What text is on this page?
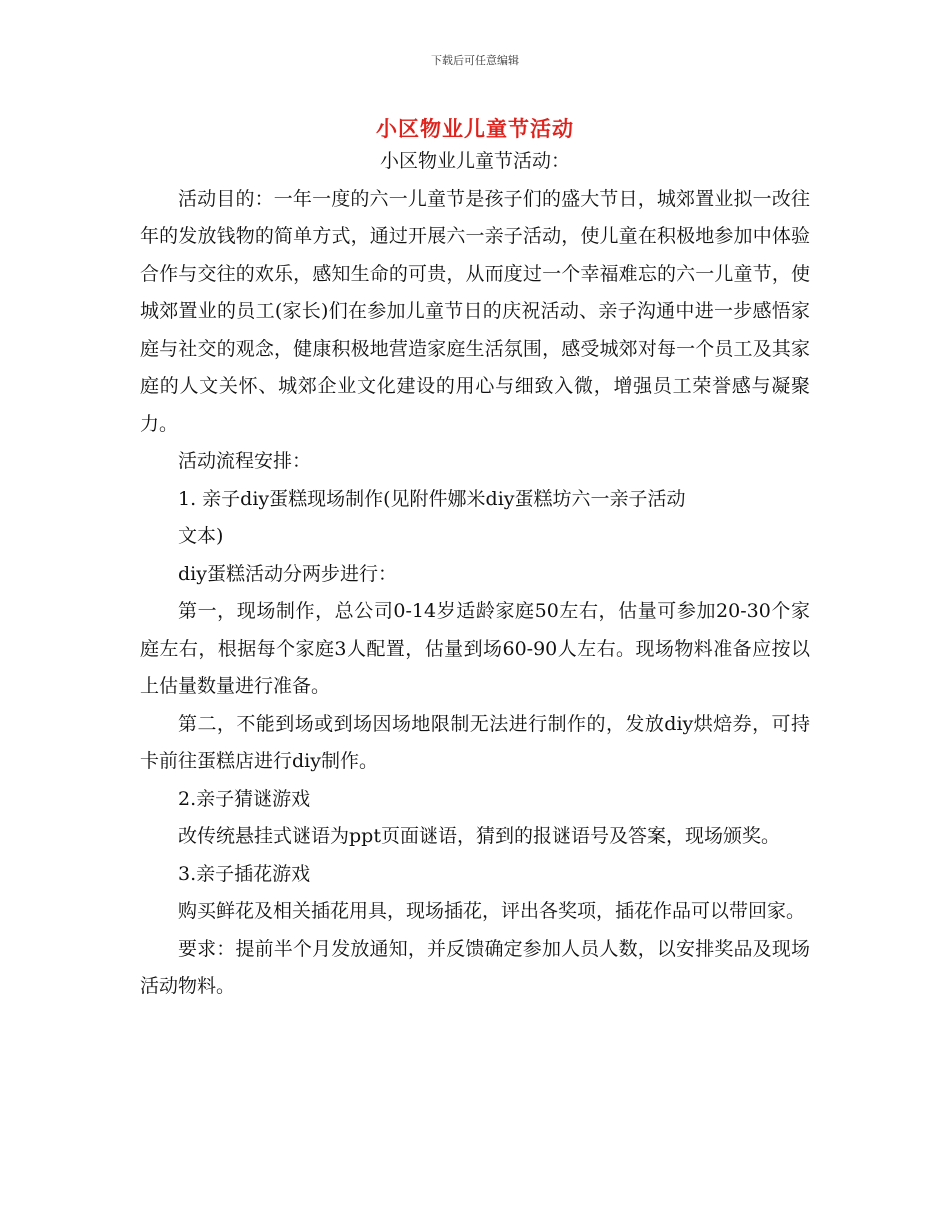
下载后可任意编辑
小区物业儿童节活动

小区物业儿童节活动：

活动目的：一年一度的六一儿童节是孩子们的盛大节日，城郊置业拟一改往年的发放钱物的简单方式，通过开展六一亲子活动，使儿童在积极地参加中体验合作与交往的欢乐，感知生命的可贵，从而度过一个幸福难忘的六一儿童节，使城郊置业的员工(家长)们在参加儿童节日的庆祝活动、亲子沟通中进一步感悟家庭与社交的观念，健康积极地营造家庭生活氛围，感受城郊对每一个员工及其家庭的人文关怀、城郊企业文化建设的用心与细致入微，增强员工荣誉感与凝聚力。

活动流程安排：

1. 亲子diy蛋糕现场制作(见附件娜米diy蛋糕坊六一亲子活动

文本)

diy蛋糕活动分两步进行：

第一，现场制作，总公司0-14岁适龄家庭50左右，估量可参加20-30个家庭左右，根据每个家庭3人配置，估量到场60-90人左右。现场物料准备应按以上估量数量进行准备。

第二，不能到场或到场因场地限制无法进行制作的，发放diy烘焙券，可持卡前往蛋糕店进行diy制作。

2.亲子猜谜游戏

改传统悬挂式谜语为ppt页面谜语，猜到的报谜语号及答案，现场颁奖。

3.亲子插花游戏

购买鲜花及相关插花用具，现场插花，评出各奖项，插花作品可以带回家。

要求：提前半个月发放通知，并反馈确定参加人员人数，以安排奖品及现场活动物料。
